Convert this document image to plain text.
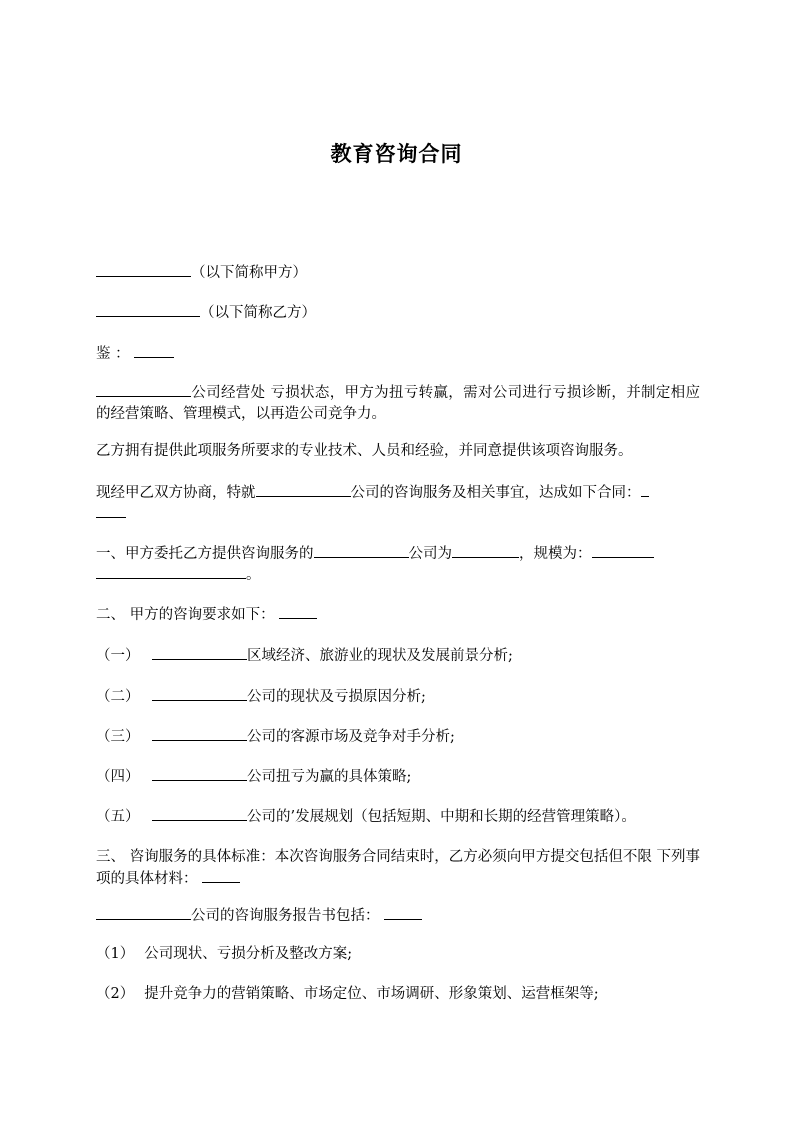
教育咨询合同
（以下简称甲方）
（以下简称乙方）
鉴 ：
公司经营处 亏损状态，甲方为扭亏转赢，需对公司进行亏损诊断，并制定相应的经营策略、管理模式，以再造公司竞争力。
乙方拥有提供此项服务所要求的专业技术、人员和经验，并同意提供该项咨询服务。
现经甲乙双方协商，特就	公司的咨询服务及相关事宜，达成如下合同：
一、甲方委托乙方提供咨询服务的	公司为	，规模为：
。
二、 甲方的咨询要求如下：
（一）	区域经济、旅游业的现状及发展前景分析;
（二）	公司的现状及亏损原因分析;
（三）	公司的客源市场及竞争对手分析;
（四）	公司扭亏为赢的具体策略;
（五）	公司的’发展规划（包括短期、中期和长期的经营管理策略）。
三、 咨询服务的具体标准：本次咨询服务合同结束时，乙方必须向甲方提交包括但不限 下列事项的具体材料：
公司的咨询服务报告书包括：
（1） 公司现状、亏损分析及整改方案;
（2） 提升竞争力的营销策略、市场定位、市场调研、形象策划、运营框架等;
